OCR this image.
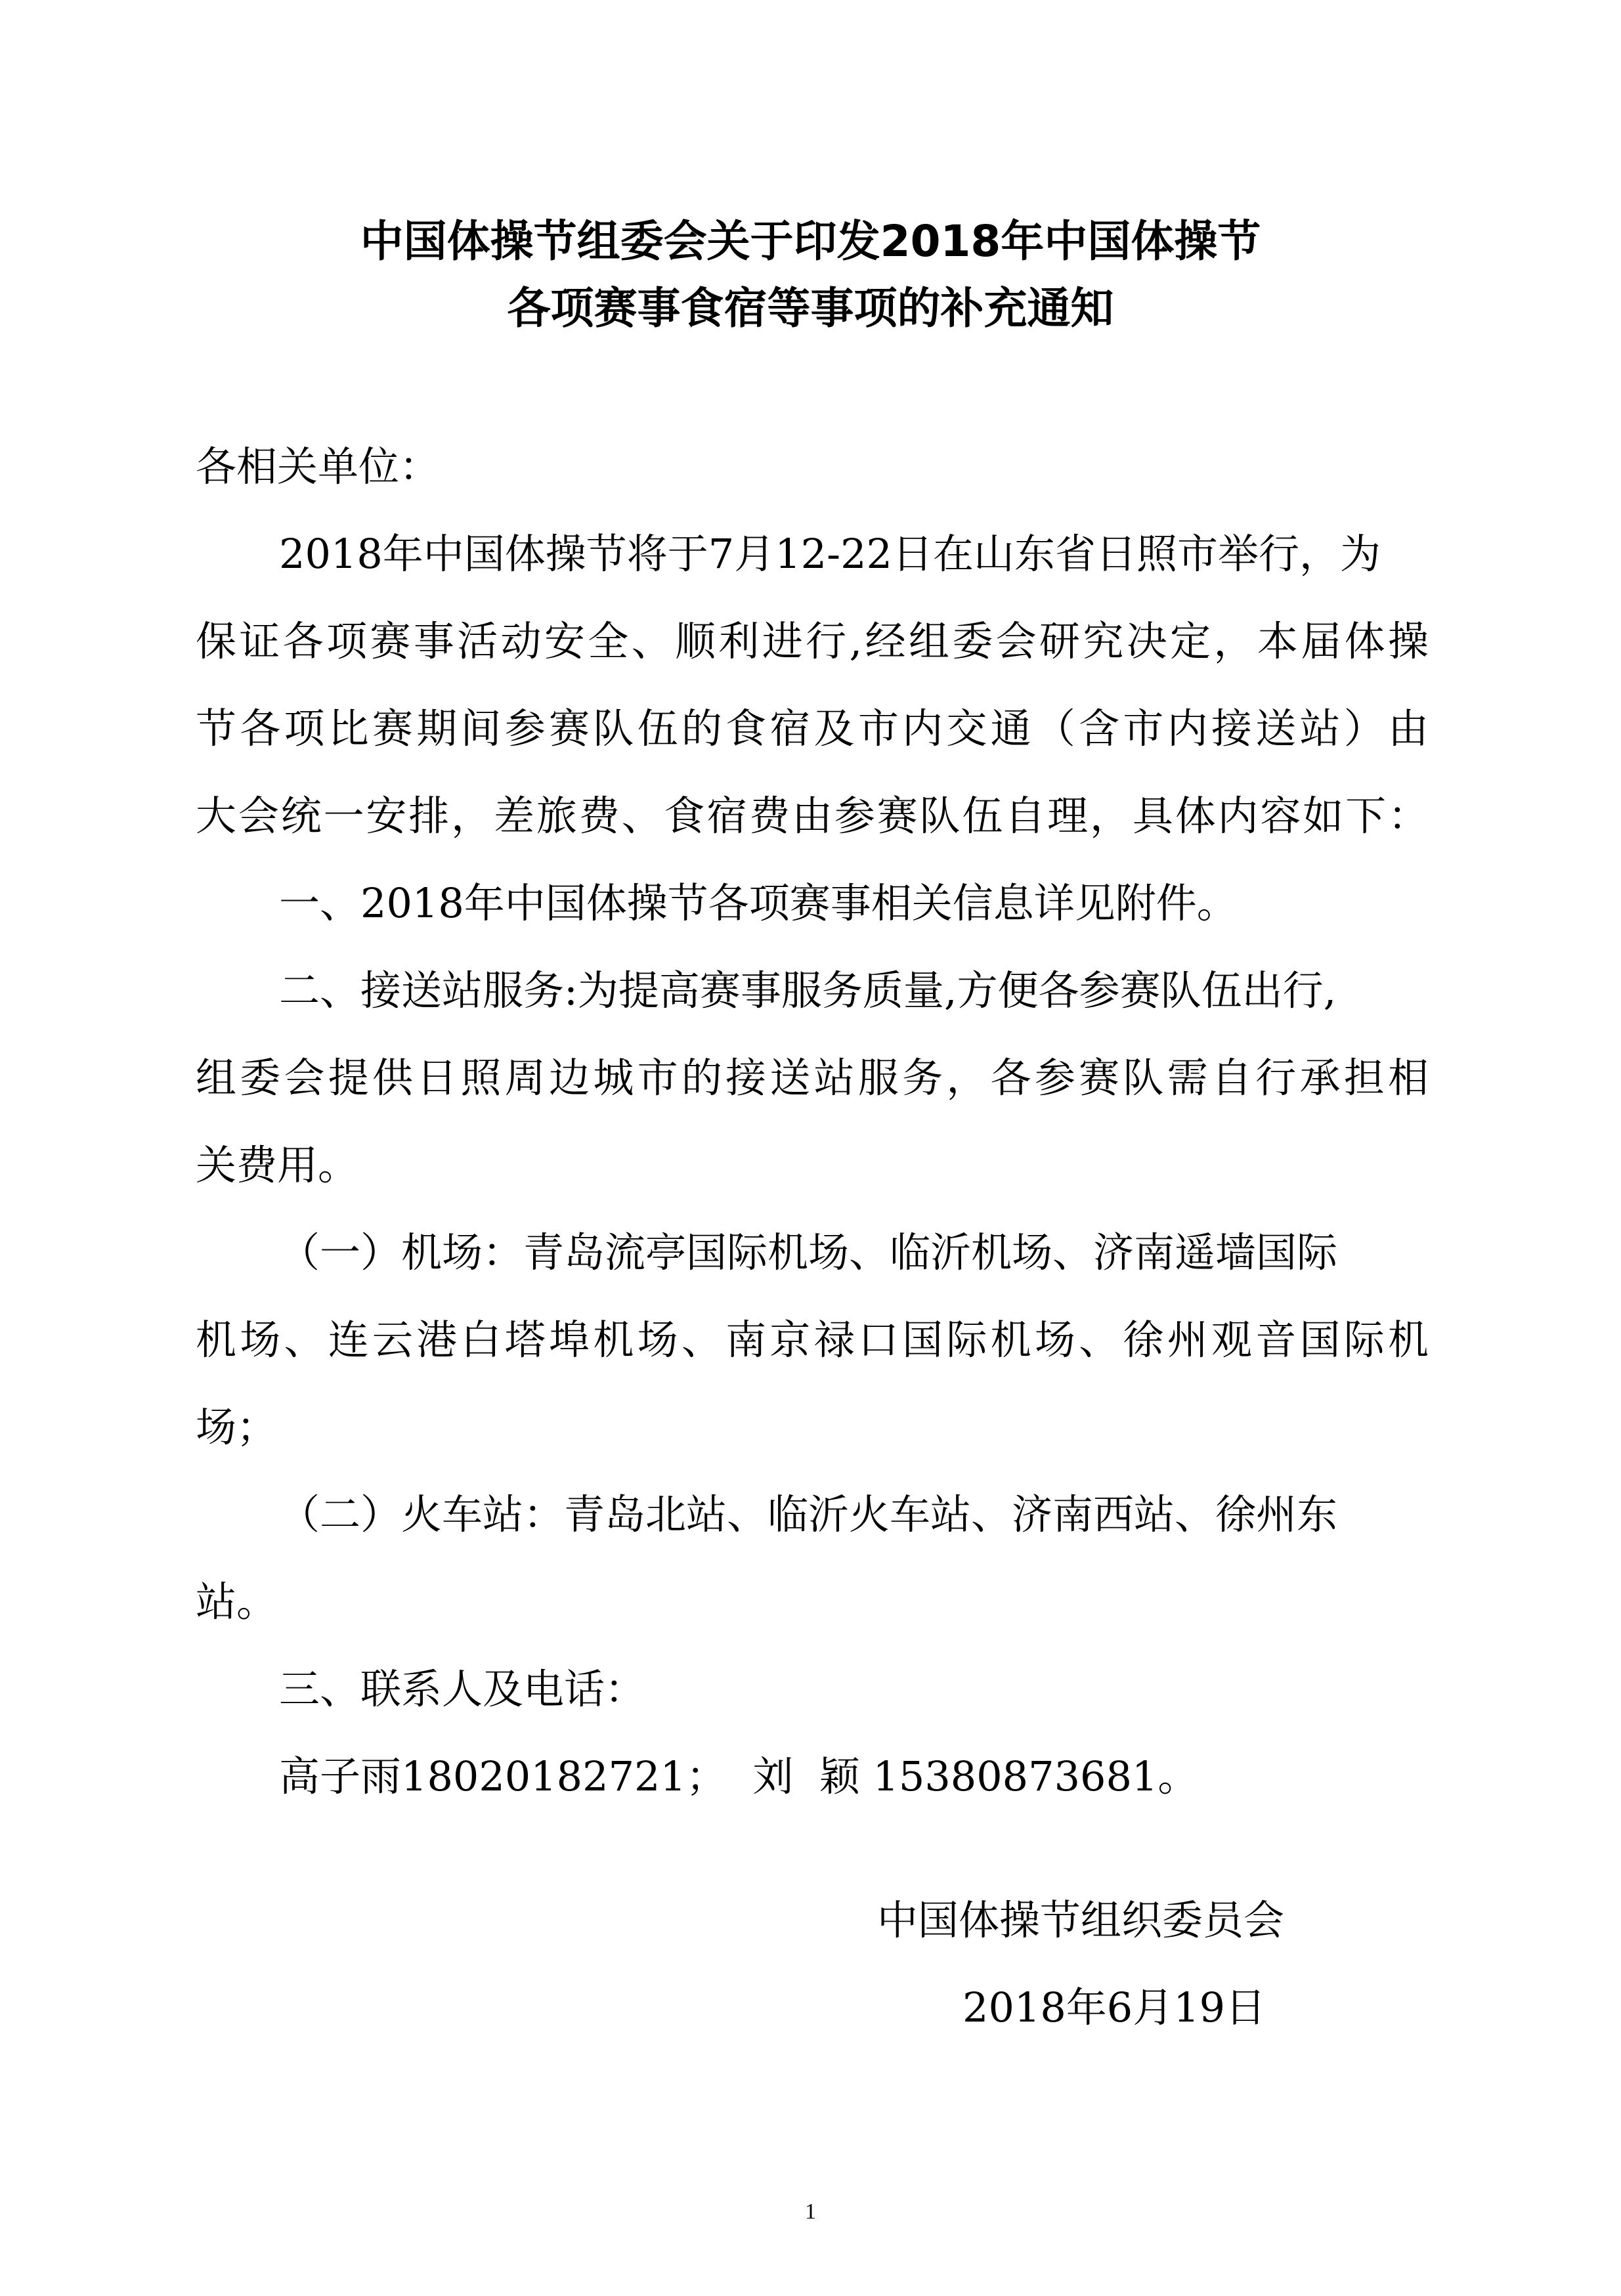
中国体操节组委会关于印发2018年中国体操节
各项赛事食宿等事项的补充通知
各相关单位：
2018年中国体操节将于7月12-22日在山东省日照市举行，为
保证各项赛事活动安全、顺利进行,经组委会研究决定，本届体操
节各项比赛期间参赛队伍的食宿及市内交通（含市内接送站）由
大会统一安排，差旅费、食宿费由参赛队伍自理，具体内容如下：
一、2018年中国体操节各项赛事相关信息详见附件。
二、接送站服务:为提高赛事服务质量,方便各参赛队伍出行,
组委会提供日照周边城市的接送站服务，各参赛队需自行承担相
关费用。
（一）机场：青岛流亭国际机场、临沂机场、济南遥墙国际
机场、连云港白塔埠机场、南京禄口国际机场、徐州观音国际机
场；
（二）火车站：青岛北站、临沂火车站、济南西站、徐州东
站。
三、联系人及电话：
高子雨18020182721；  刘  颖 15380873681。
中国体操节组织委员会
2018年6月19日
1
